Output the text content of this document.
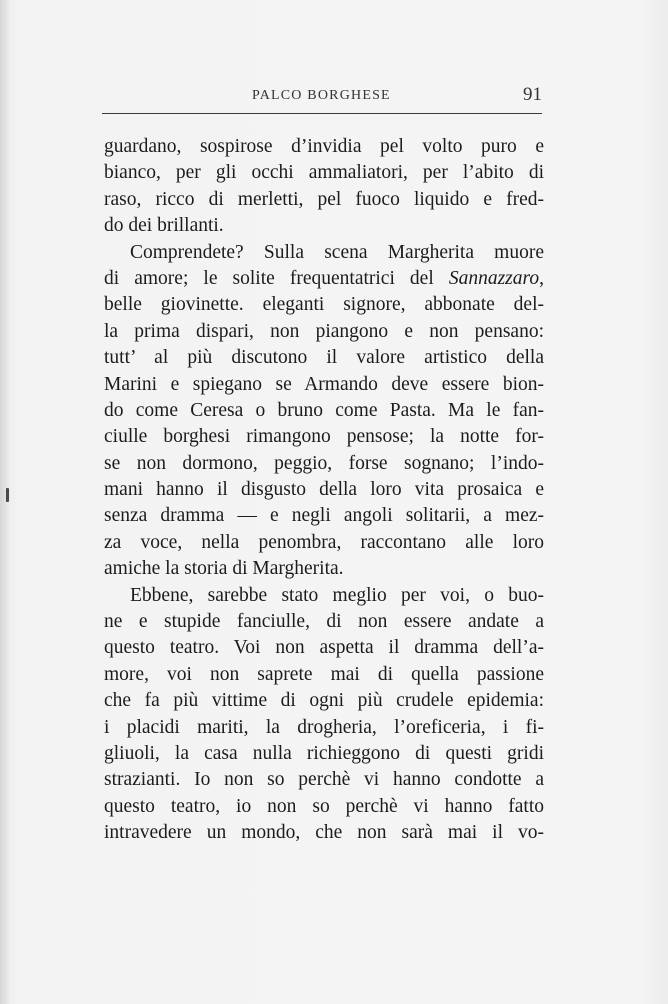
PALCO BORGHESE	91
guardano, sospirose d’invidia pel volto puro e
bianco, per gli occhi ammaliatori, per l’abito di
raso, ricco di merletti, pel fuoco liquido e fred-
do dei brillanti.
Comprendete? Sulla scena Margherita muore
di amore; le solite frequentatrici del Sannazzaro,
belle giovinette. eleganti signore, abbonate del-
la prima dispari, non piangono e non pensano:
tutt’ al più discutono il valore artistico della
Marini e spiegano se Armando deve essere bion-
do come Ceresa o bruno come Pasta. Ma le fan-
ciulle borghesi rimangono pensose; la notte for-
se non dormono, peggio, forse sognano; l’indo-
mani hanno il disgusto della loro vita prosaica e
senza dramma — e negli angoli solitarii, a mez-
za voce, nella penombra, raccontano alle loro
amiche la storia di Margherita.
Ebbene, sarebbe stato meglio per voi, o buo-
ne e stupide fanciulle, di non essere andate a
questo teatro. Voi non aspetta il dramma dell’a-
more, voi non saprete mai di quella passione
che fa più vittime di ogni più crudele epidemia:
i placidi mariti, la drogheria, l’oreficeria, i fi-
gliuoli, la casa nulla richieggono di questi gridi
strazianti. Io non so perchè vi hanno condotte a
questo teatro, io non so perchè vi hanno fatto
intravedere un mondo, che non sarà mai il vo-
